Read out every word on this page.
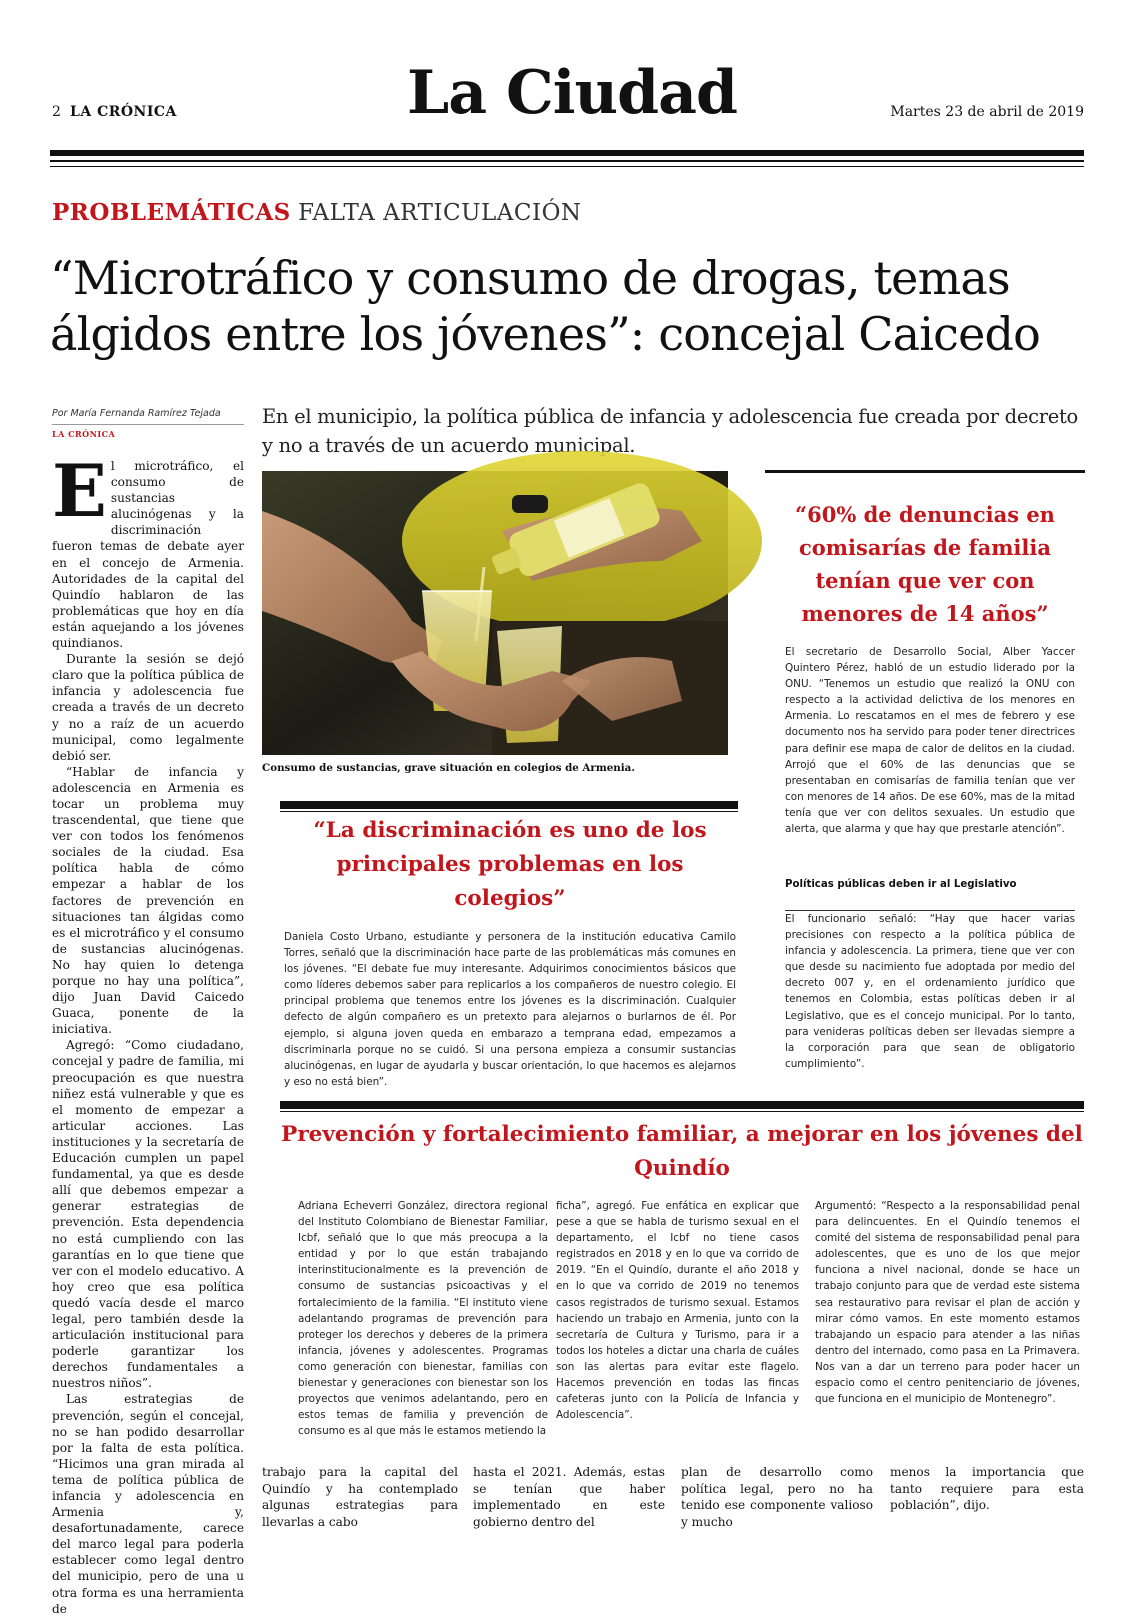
2 LA CRÓNICA	La Ciudad	Martes 23 de abril de 2019
PROBLEMÁTICAS FALTA ARTICULACIÓN
“Microtráfico y consumo de drogas, temas álgidos entre los jóvenes”: concejal Caicedo
Por María Fernanda Ramírez Tejada
LA CRÓNICA

El microtráfico, el consumo de sustancias alucinógenas y la discriminación fueron temas de debate ayer en el concejo de Armenia. Autoridades de la capital del Quindío hablaron de las problemáticas que hoy en día están aquejando a los jóvenes quindianos.

Durante la sesión se dejó claro que la política pública de infancia y adolescencia fue creada a través de un decreto y no a raíz de un acuerdo municipal, como legalmente debió ser.

“Hablar de infancia y adolescencia en Armenia es tocar un problema muy trascendental, que tiene que ver con todos los fenómenos sociales de la ciudad. Esa política habla de cómo empezar a hablar de los factores de prevención en situaciones tan álgidas como es el microtráfico y el consumo de sustancias alucinógenas. No hay quien lo detenga porque no hay una política”, dijo Juan David Caicedo Guaca, ponente de la iniciativa.

Agregó: “Como ciudadano, concejal y padre de familia, mi preocupación es que nuestra niñez está vulnerable y que es el momento de empezar a articular acciones. Las instituciones y la secretaría de Educación cumplen un papel fundamental, ya que es desde allí que debemos empezar a generar estrategias de prevención. Esta dependencia no está cumpliendo con las garantías en lo que tiene que ver con el modelo educativo. A hoy creo que esa política quedó vacía desde el marco legal, pero también desde la articulación institucional para poderle garantizar los derechos fundamentales a nuestros niños”.

Las estrategias de prevención, según el concejal, no se han podido desarrollar por la falta de esta política. “Hicimos una gran mirada al tema de política pública de infancia y adolescencia en Armenia y, desafortunadamente, carece del marco legal para poderla establecer como legal dentro del municipio, pero de una u otra forma es una herramienta de

En el municipio, la política pública de infancia y adolescencia fue creada por decreto y no a través de un acuerdo municipal.
Consumo de sustancias, grave situación en colegios de Armenia.
“60% de denuncias en comisarías de familia tenían que ver con menores de 14 años”
El secretario de Desarrollo Social, Alber Yaccer Quintero Pérez, habló de un estudio liderado por la ONU. “Tenemos un estudio que realizó la ONU con respecto a la actividad delictiva de los menores en Armenia. Lo rescatamos en el mes de febrero y ese documento nos ha servido para poder tener directrices para definir ese mapa de calor de delitos en la ciudad. Arrojó que el 60% de las denuncias que se presentaban en comisarías de familia tenían que ver con menores de 14 años. De ese 60%, mas de la mitad tenía que ver con delitos sexuales. Un estudio que alerta, que alarma y que hay que prestarle atención”.
Políticas públicas deben ir al Legislativo
El funcionario señaló: “Hay que hacer varias precisiones con respecto a la política pública de infancia y adolescencia. La primera, tiene que ver con que desde su nacimiento fue adoptada por medio del decreto 007 y, en el ordenamiento jurídico que tenemos en Colombia, estas políticas deben ir al Legislativo, que es el concejo municipal. Por lo tanto, para venideras políticas deben ser llevadas siempre a la corporación para que sean de obligatorio cumplimiento”.
“La discriminación es uno de los principales problemas en los colegios”
Daniela Costo Urbano, estudiante y personera de la institución educativa Camilo Torres, señaló que la discriminación hace parte de las problemáticas más comunes en los jóvenes. “El debate fue muy interesante. Adquirimos conocimientos básicos que como líderes debemos saber para replicarlos a los compañeros de nuestro colegio. El principal problema que tenemos entre los jóvenes es la discriminación. Cualquier defecto de algún compañero es un pretexto para alejarnos o burlarnos de él. Por ejemplo, si alguna joven queda en embarazo a temprana edad, empezamos a discriminarla porque no se cuidó. Si una persona empieza a consumir sustancias alucinógenas, en lugar de ayudarla y buscar orientación, lo que hacemos es alejarnos y eso no está bien”.
Prevención y fortalecimiento familiar, a mejorar en los jóvenes del Quindío
Adriana Echeverri González, directora regional del Instituto Colombiano de Bienestar Familiar, Icbf, señaló que lo que más preocupa a la entidad y por lo que están trabajando interinstitucionalmente es la prevención de consumo de sustancias psicoactivas y el fortalecimiento de la familia. “El instituto viene adelantando programas de prevención para proteger los derechos y deberes de la primera infancia, jóvenes y adolescentes. Programas como generación con bienestar, familias con bienestar y generaciones con bienestar son los proyectos que venimos adelantando, pero en estos temas de familia y prevención de consumo es al que más le estamos metiendo la
ficha”, agregó. Fue enfática en explicar que pese a que se habla de turismo sexual en el departamento, el Icbf no tiene casos registrados en 2018 y en lo que va corrido de 2019. “En el Quindío, durante el año 2018 y en lo que va corrido de 2019 no tenemos casos registrados de turismo sexual. Estamos haciendo un trabajo en Armenia, junto con la secretaría de Cultura y Turismo, para ir a todos los hoteles a dictar una charla de cuáles son las alertas para evitar este flagelo. Hacemos prevención en todas las fincas cafeteras junto con la Policía de Infancia y Adolescencia”.
Argumentó: “Respecto a la responsabilidad penal para delincuentes. En el Quindío tenemos el comité del sistema de responsabilidad penal para adolescentes, que es uno de los que mejor funciona a nivel nacional, donde se hace un trabajo conjunto para que de verdad este sistema sea restaurativo para revisar el plan de acción y mirar cómo vamos. En este momento estamos trabajando un espacio para atender a las niñas dentro del internado, como pasa en La Primavera. Nos van a dar un terreno para poder hacer un espacio como el centro penitenciario de jóvenes, que funciona en el municipio de Montenegro”.
trabajo para la capital del Quindío y ha contemplado algunas estrategias para llevarlas a cabo
hasta el 2021. Además, estas se tenían que haber implementado en este gobierno dentro del
plan de desarrollo como política legal, pero no ha tenido ese componente valioso y mucho
menos la importancia que tanto requiere para esta población”, dijo.
